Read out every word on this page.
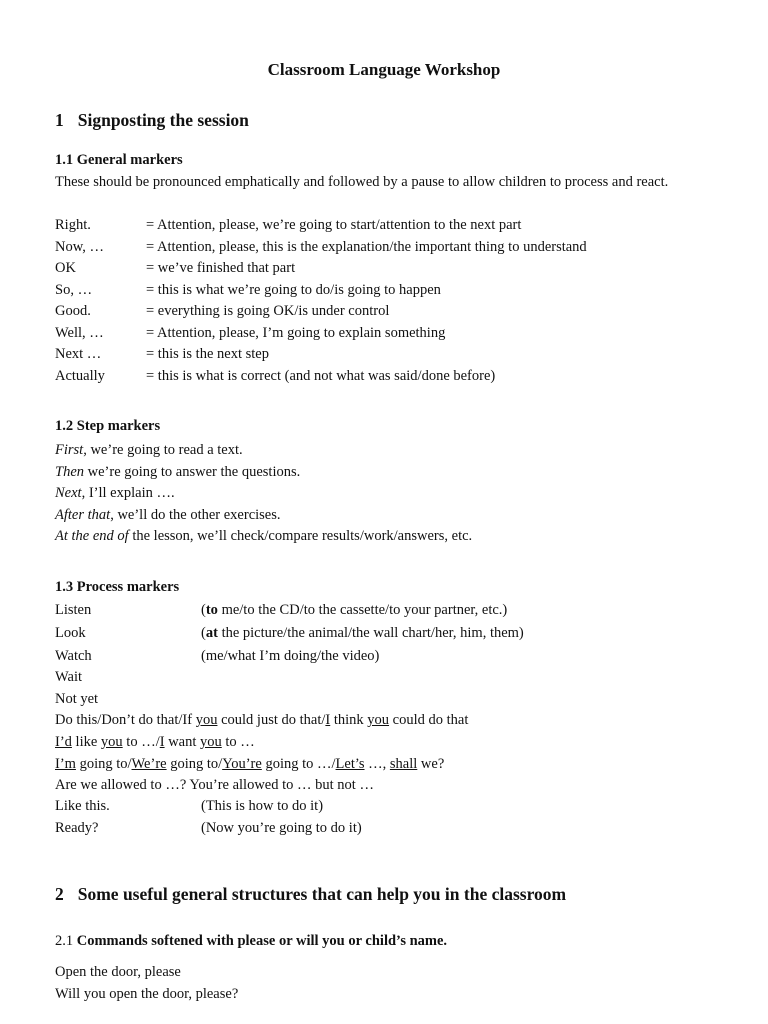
Classroom Language Workshop
1 Signposting the session
1.1 General markers
These should be pronounced emphatically and followed by a pause to allow children to process and react.
Right.	= Attention, please, we’re going to start/attention to the next part
Now, …	= Attention, please, this is the explanation/the important thing to understand
OK	= we’ve finished that part
So, …	= this is what we’re going to do/is going to happen
Good.	= everything is going OK/is under control
Well, …	= Attention, please, I’m going to explain something
Next …	= this is the next step
Actually	= this is what is correct (and not what was said/done before)
1.2 Step markers
First, we’re going to read a text.
Then we’re going to answer the questions.
Next, I’ll explain ….
After that, we’ll do the other exercises.
At the end of the lesson, we’ll check/compare results/work/answers, etc.
1.3 Process markers
Listen	(to me/to the CD/to the cassette/to your partner, etc.)
Look	(at the picture/the animal/the wall chart/her, him, them)
Watch	(me/what I’m doing/the video)
Wait
Not yet
Do this/Don’t do that/If you could just do that/I think you could do that
I’d like you to …/I want you to …
I’m going to/We’re going to/You’re going to …/Let’s …, shall we?
Are we allowed to …? You’re allowed to … but not …
Like this.	(This is how to do it)
Ready?	(Now you’re going to do it)
2 Some useful general structures that can help you in the classroom
2.1 Commands softened with please or will you or child’s name.
Open the door, please
Will you open the door, please?
